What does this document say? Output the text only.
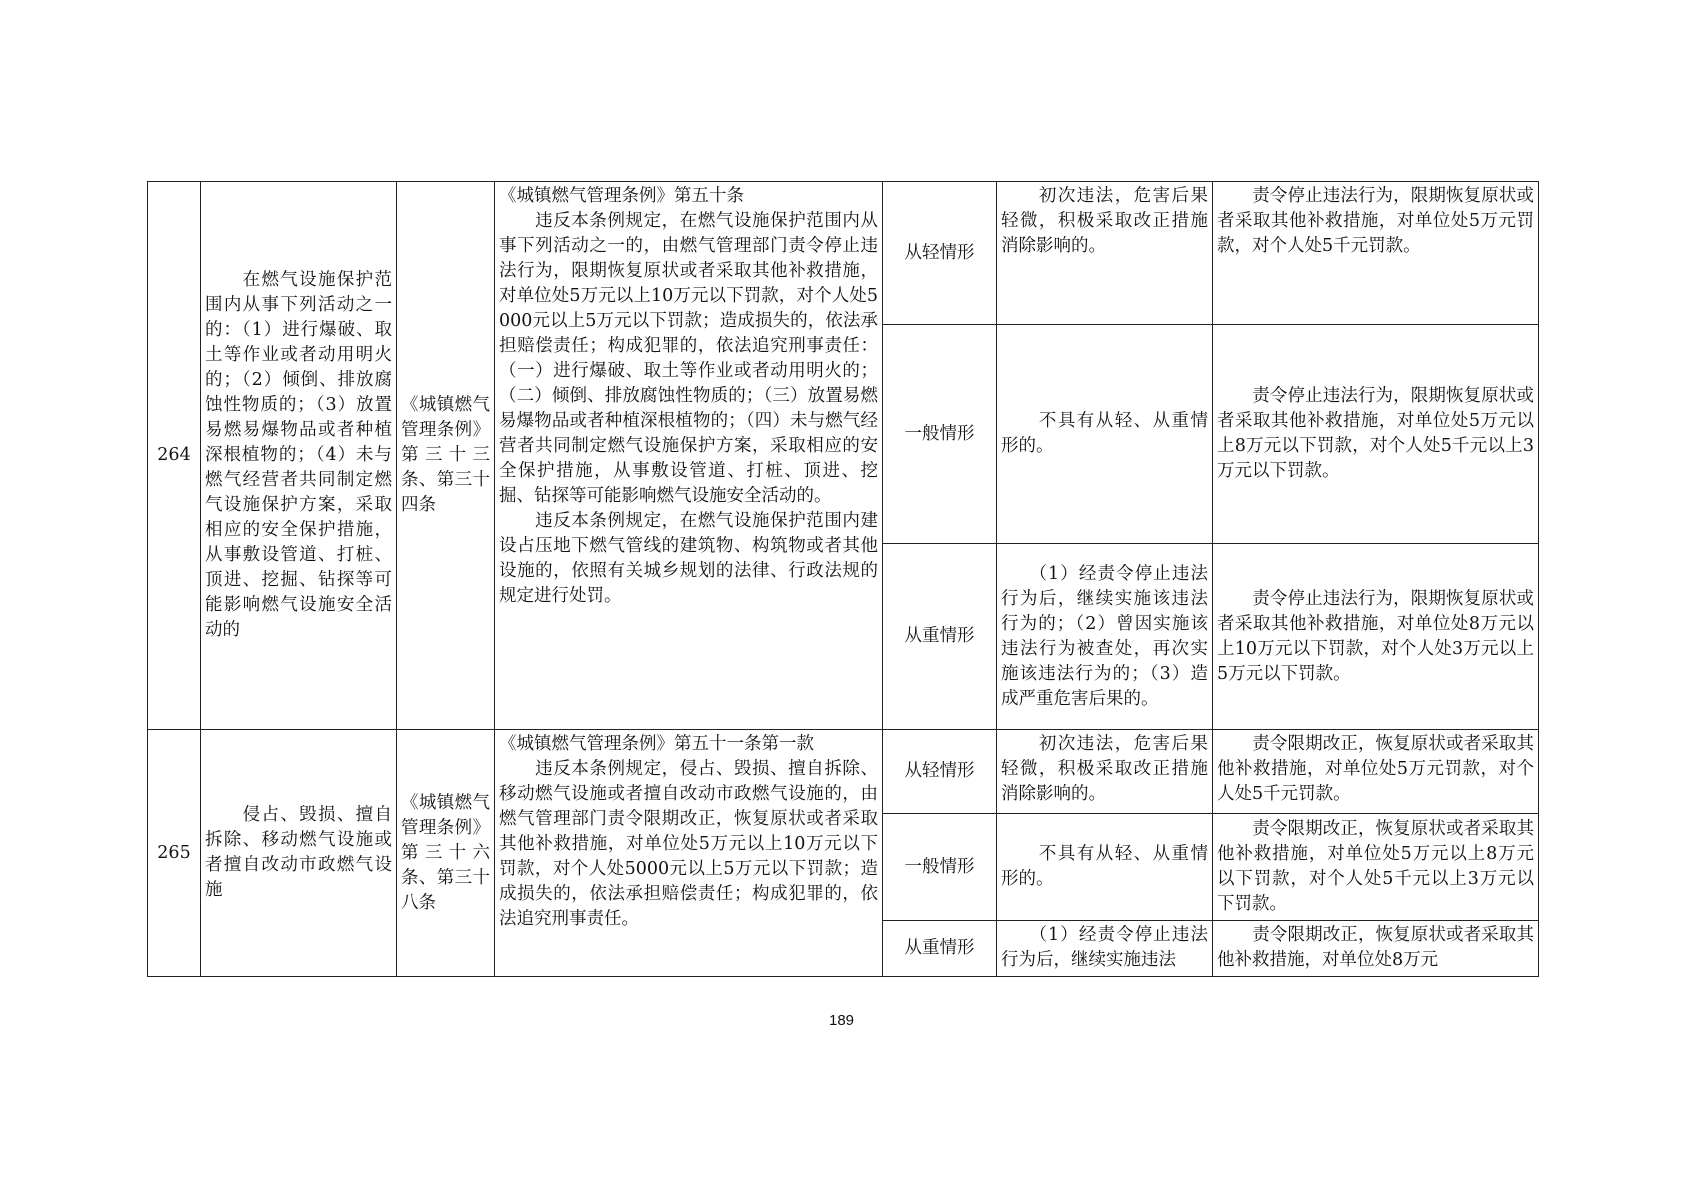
264	　　在燃气设施保护范围内从事下列活动之一的：（1）进行爆破、取土等作业或者动用明火的；（2）倾倒、排放腐蚀性物质的；（3）放置易燃易爆物品或者种植深根植物的；（4）未与燃气经营者共同制定燃气设施保护方案，采取相应的安全保护措施，从事敷设管道、打桩、顶进、挖掘、钻探等可能影响燃气设施安全活动的	《城镇燃气管理条例》第三十三条、第三十四条	《城镇燃气管理条例》第五十条
　　违反本条例规定，在燃气设施保护范围内从事下列活动之一的，由燃气管理部门责令停止违法行为，限期恢复原状或者采取其他补救措施，对单位处5万元以上10万元以下罚款，对个人处5000元以上5万元以下罚款；造成损失的，依法承担赔偿责任；构成犯罪的，依法追究刑事责任：（一）进行爆破、取土等作业或者动用明火的；（二）倾倒、排放腐蚀性物质的；（三）放置易燃易爆物品或者种植深根植物的；（四）未与燃气经营者共同制定燃气设施保护方案，采取相应的安全保护措施，从事敷设管道、打桩、顶进、挖掘、钻探等可能影响燃气设施安全活动的。
　　违反本条例规定，在燃气设施保护范围内建设占压地下燃气管线的建筑物、构筑物或者其他设施的，依照有关城乡规划的法律、行政法规的规定进行处罚。	从轻情形	　　初次违法，危害后果轻微，积极采取改正措施消除影响的。	　　责令停止违法行为，限期恢复原状或者采取其他补救措施，对单位处5万元罚款，对个人处5千元罚款。

				一般情形	　　不具有从轻、从重情形的。	　　责令停止违法行为，限期恢复原状或者采取其他补救措施，对单位处5万元以上8万元以下罚款，对个人处5千元以上3万元以下罚款。

				从重情形	　　（1）经责令停止违法行为后，继续实施该违法行为的；（2）曾因实施该违法行为被查处，再次实施该违法行为的；（3）造成严重危害后果的。	　　责令停止违法行为，限期恢复原状或者采取其他补救措施，对单位处8万元以上10万元以下罚款，对个人处3万元以上5万元以下罚款。

265	　　侵占、毁损、擅自拆除、移动燃气设施或者擅自改动市政燃气设施	《城镇燃气管理条例》第三十六条、第三十八条	《城镇燃气管理条例》第五十一条第一款
　　违反本条例规定，侵占、毁损、擅自拆除、移动燃气设施或者擅自改动市政燃气设施的，由燃气管理部门责令限期改正，恢复原状或者采取其他补救措施，对单位处5万元以上10万元以下罚款，对个人处5000元以上5万元以下罚款；造成损失的，依法承担赔偿责任；构成犯罪的，依法追究刑事责任。	从轻情形	　　初次违法，危害后果轻微，积极采取改正措施消除影响的。	　　责令限期改正，恢复原状或者采取其他补救措施，对单位处5万元罚款，对个人处5千元罚款。

				一般情形	　　不具有从轻、从重情形的。	　　责令限期改正，恢复原状或者采取其他补救措施，对单位处5万元以上8万元以下罚款，对个人处5千元以上3万元以下罚款。

				从重情形	　　（1）经责令停止违法行为后，继续实施违法	　　责令限期改正，恢复原状或者采取其他补救措施，对单位处8万元
189
